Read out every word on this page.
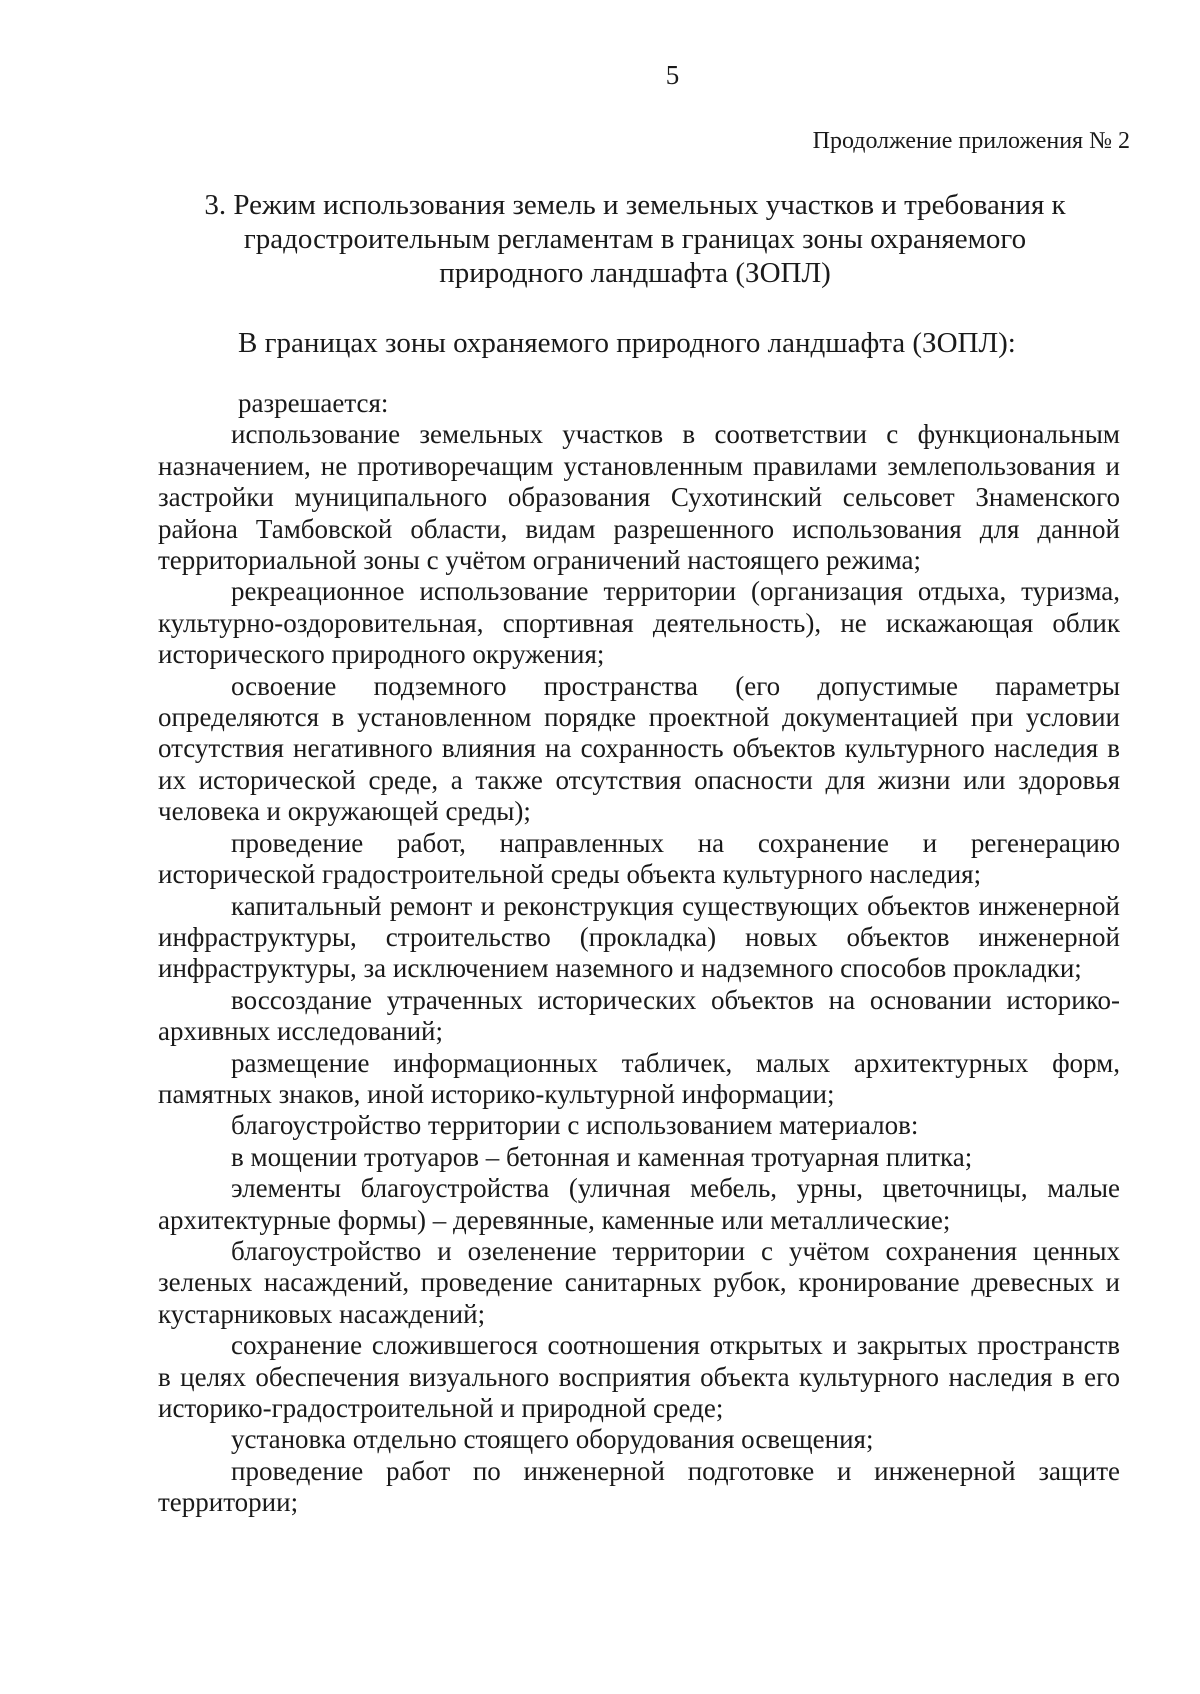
5
Продолжение приложения № 2
3. Режим использования земель и земельных участков и требования к градостроительным регламентам в границах зоны охраняемого природного ландшафта (ЗОПЛ)
В границах зоны охраняемого природного ландшафта (ЗОПЛ):

разрешается:

использование земельных участков в соответствии с функциональным назначением, не противоречащим установленным правилами землепользования и застройки муниципального образования Сухотинский сельсовет Знаменского района Тамбовской области, видам разрешенного использования для данной территориальной зоны с учётом ограничений настоящего режима;

рекреационное использование территории (организация отдыха, туризма, культурно-оздоровительная, спортивная деятельность), не искажающая облик исторического природного окружения;

освоение подземного пространства (его допустимые параметры определяются в установленном порядке проектной документацией при условии отсутствия негативного влияния на сохранность объектов культурного наследия в их исторической среде, а также отсутствия опасности для жизни или здоровья человека и окружающей среды);

проведение работ, направленных на сохранение и регенерацию исторической градостроительной среды объекта культурного наследия;

капитальный ремонт и реконструкция существующих объектов инженерной инфраструктуры, строительство (прокладка) новых объектов инженерной инфраструктуры, за исключением наземного и надземного способов прокладки;

воссоздание утраченных исторических объектов на основании историко-архивных исследований;

размещение информационных табличек, малых архитектурных форм, памятных знаков, иной историко-культурной информации;

благоустройство территории с использованием материалов:

в мощении тротуаров – бетонная и каменная тротуарная плитка;

элементы благоустройства (уличная мебель, урны, цветочницы, малые архитектурные формы) – деревянные, каменные или металлические;

благоустройство и озеленение территории с учётом сохранения ценных зеленых насаждений, проведение санитарных рубок, кронирование древесных и кустарниковых насаждений;

сохранение сложившегося соотношения открытых и закрытых пространств в целях обеспечения визуального восприятия объекта культурного наследия в его историко-градостроительной и природной среде;

установка отдельно стоящего оборудования освещения;

проведение работ по инженерной подготовке и инженерной защите территории;
